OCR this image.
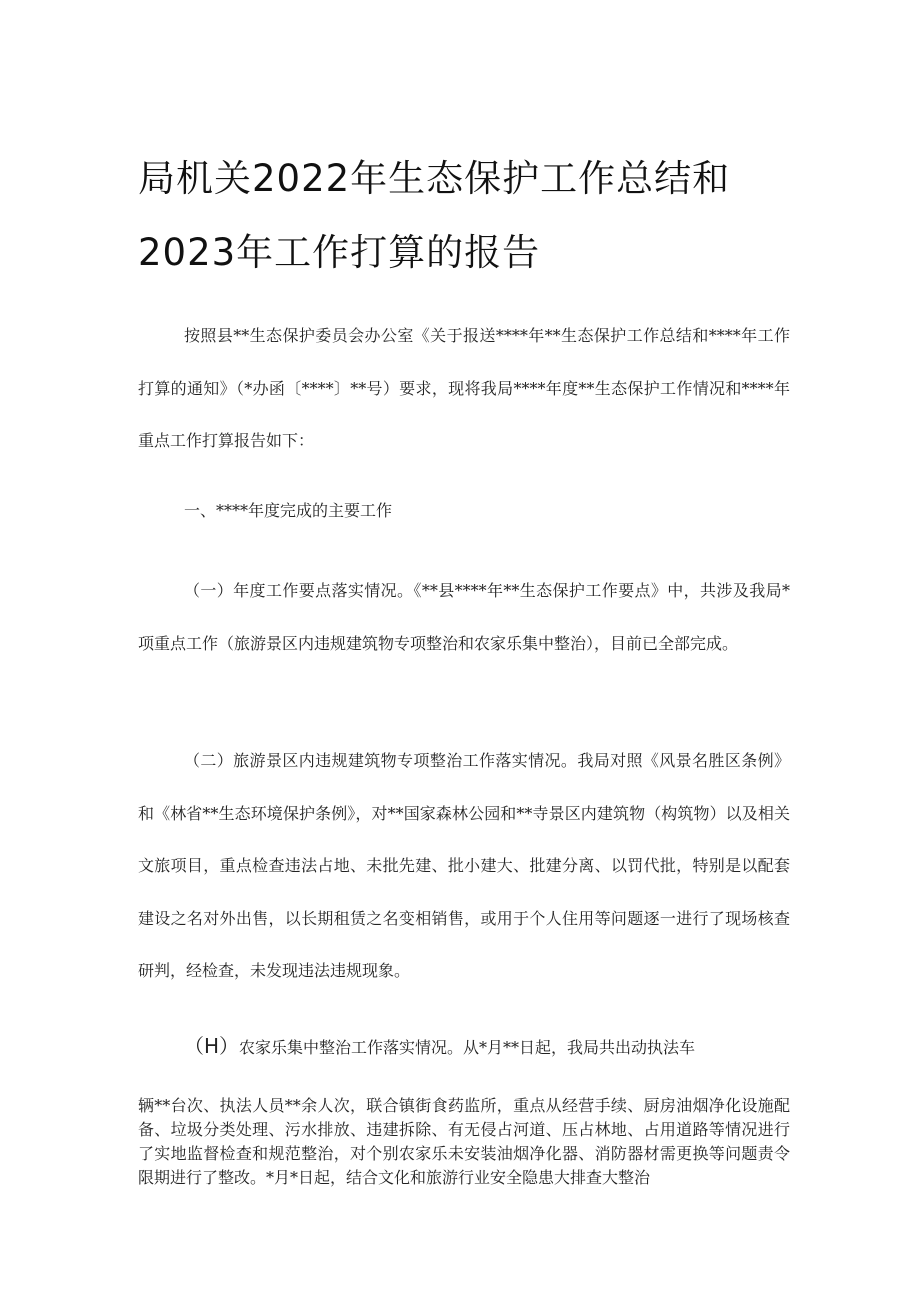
局机关2022年生态保护工作总结和
2023年工作打算的报告

按照县**生态保护委员会办公室《关于报送****年**生态保护工作总结和****年工作打算的通知》（*办函〔****〕**号）要求，现将我局****年度**生态保护工作情况和****年重点工作打算报告如下：

一、****年度完成的主要工作

（一）年度工作要点落实情况。《**县****年**生态保护工作要点》中，共涉及我局*项重点工作（旅游景区内违规建筑物专项整治和农家乐集中整治），目前已全部完成。

（二）旅游景区内违规建筑物专项整治工作落实情况。我局对照《风景名胜区条例》和《林省**生态环境保护条例》，对**国家森林公园和**寺景区内建筑物（构筑物）以及相关文旅项目，重点检查违法占地、未批先建、批小建大、批建分离、以罚代批，特别是以配套建设之名对外出售，以长期租赁之名变相销售，或用于个人住用等问题逐一进行了现场核查研判，经检查，未发现违法违规现象。

（H）农家乐集中整治工作落实情况。从*月**日起，我局共出动执法车

辆**台次、执法人员**余人次，联合镇街食药监所，重点从经营手续、厨房油烟净化设施配备、垃圾分类处理、污水排放、违建拆除、有无侵占河道、压占林地、占用道路等情况进行了实地监督检查和规范整治，对个别农家乐未安装油烟净化器、消防器材需更换等问题责令限期进行了整改。*月*日起，结合文化和旅游行业安全隐患大排查大整治
